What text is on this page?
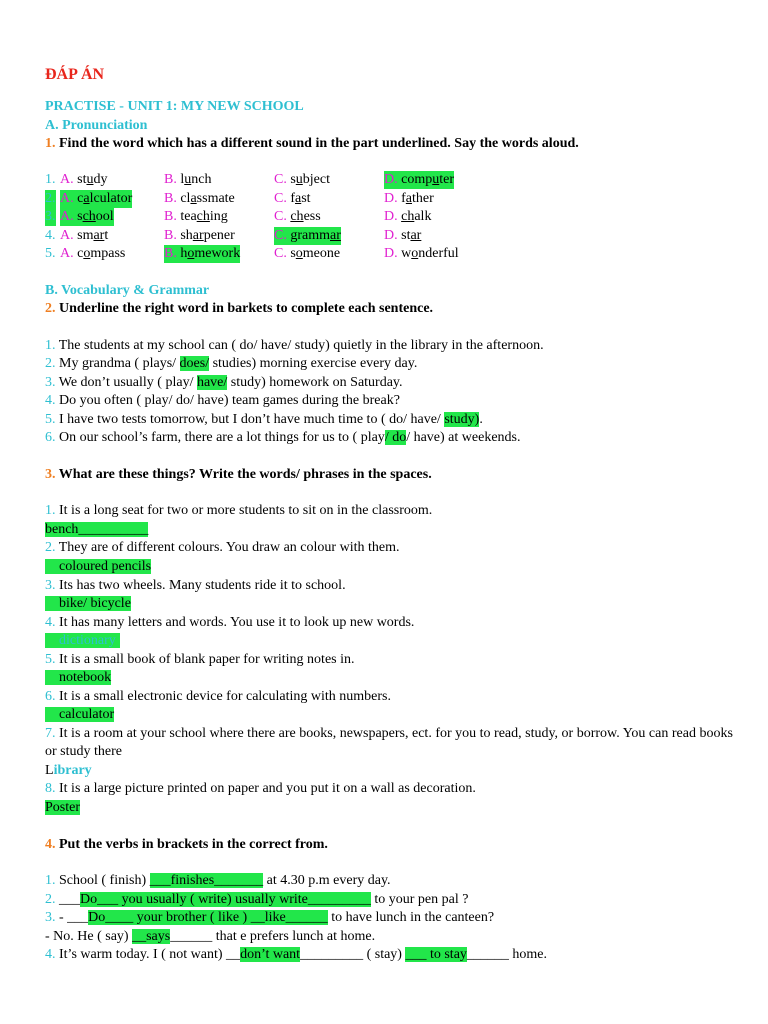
ĐÁP ÁN
PRACTISE - UNIT 1: MY NEW SCHOOL
A. Pronunciation
1. Find the word which has a different sound in the part underlined. Say the words aloud.
1. A. study	B. lunch	C. subject	D. computer
2. A. calculator B. classmate	C. fast	D. father
3. A. school	B. teaching	C. chess	D. chalk
4. A. smart	B. sharpener	C. grammar	D. star
5. A. compass	B. homework C. someone	D. wonderful
B. Vocabulary & Grammar
2. Underline the right word in barkets to complete each sentence.
1. The students at my school can ( do/ have/ study) quietly in the library in the afternoon.
2. My grandma ( plays/ does/ studies) morning exercise every day.
3. We don’t usually ( play/ have/ study) homework on Saturday.
4. Do you often ( play/ do/ have) team games during the break?
5. I have two tests tomorrow, but I don’t have much time to ( do/ have/ study).
6. On our school’s farm, there are a lot things for us to ( play/ do/ have) at weekends.
3. What are these things? Write the words/ phrases in the spaces.
1. It is a long seat for two or more students to sit on in the classroom.
bench__________
2. They are of different colours. You draw an colour with them.
coloured pencils
3. Its has two wheels. Many students ride it to school.
bike/ bicycle
4. It has many letters and words. You use it to look up new words.
dictionary
5. It is a small book of blank paper for writing notes in.
notebook
6. It is a small electronic device for calculating with numbers.
calculator
7. It is a room at your school where there are books, newspapers, ect. for you to read, study, or borrow. You can read books or study there
Library
8. It is a large picture printed on paper and you put it on a wall as decoration.
Poster
4. Put the verbs in brackets in the correct from.
1. School ( finish) ___finishes_______ at 4.30 p.m every day.
2. ___Do___ you usually ( write) usually write_________ to your pen pal ?
3. - ___Do____ your brother ( like ) __like______ to have lunch in the canteen?
- No. He ( say) __says______ that e prefers lunch at home.
4. It’s warm today. I ( not want) __don’t want_________ ( stay) ___ to stay______ home.
